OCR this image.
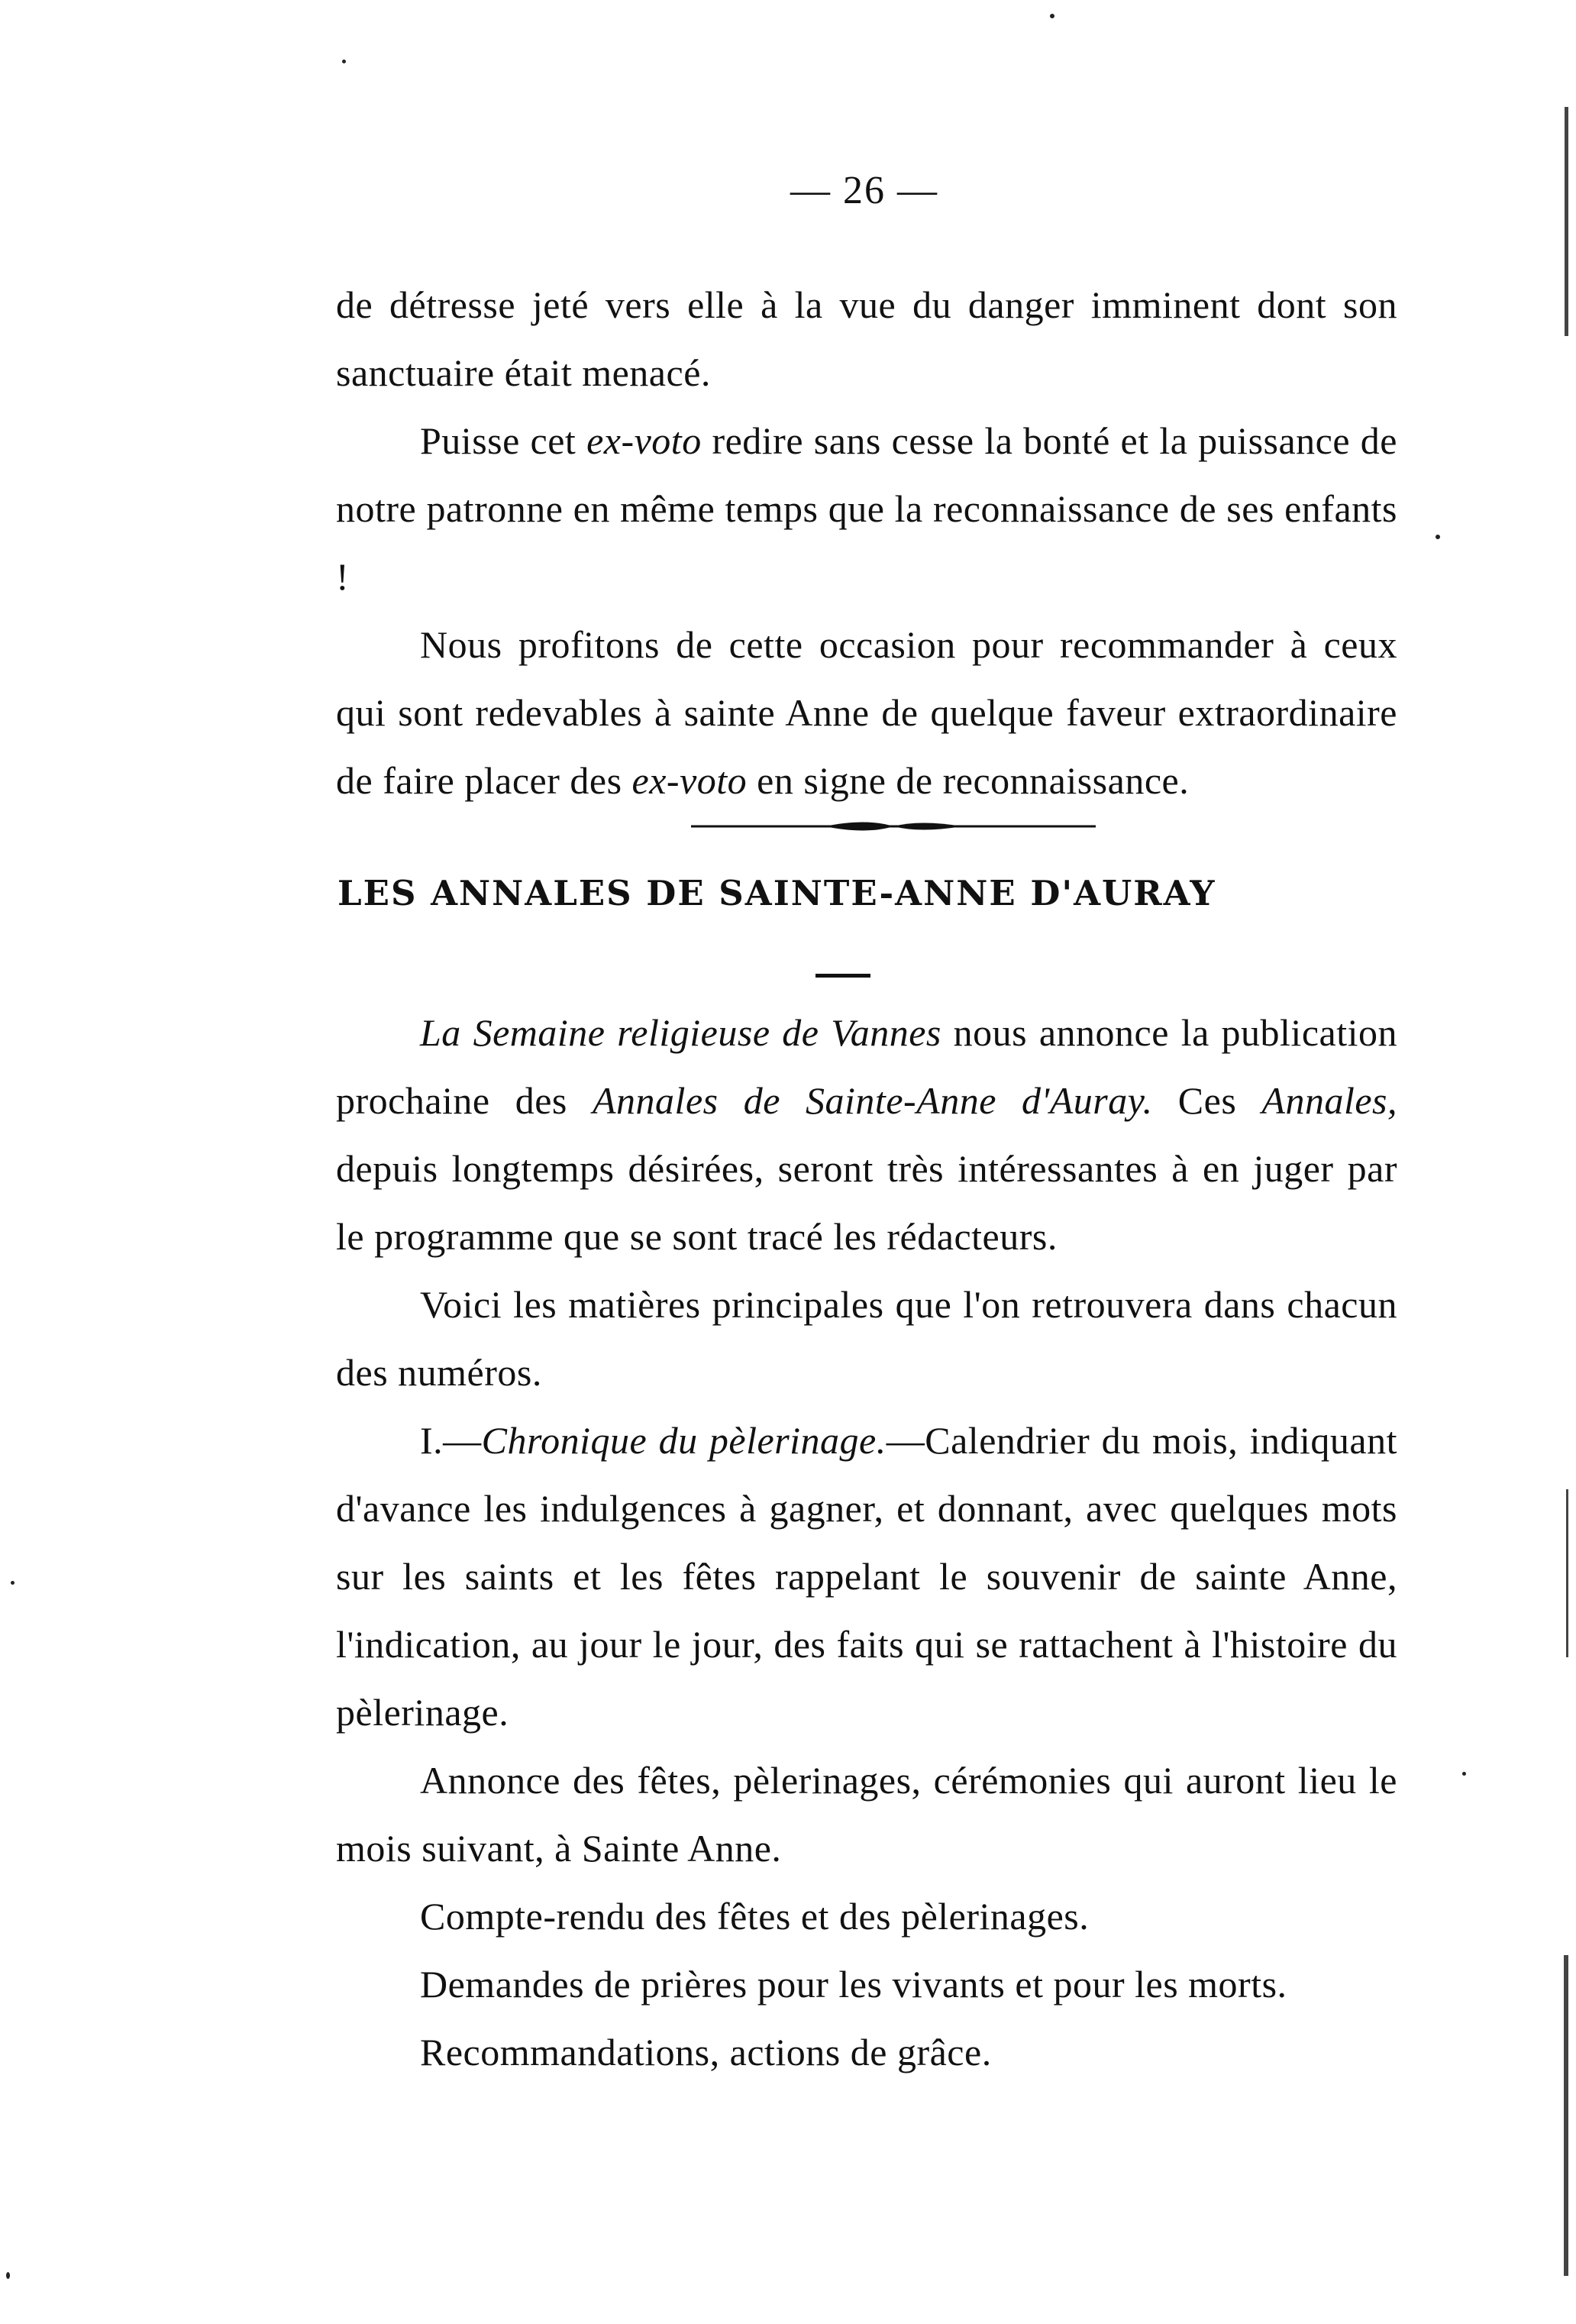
— 26 —

de détresse jeté vers elle à la vue du danger imminent dont son sanctuaire était menacé.

Puisse cet ex-voto redire sans cesse la bonté et la puissance de notre patronne en même temps que la reconnaissance de ses enfants !

Nous profitons de cette occasion pour recommander à ceux qui sont redevables à sainte Anne de quelque faveur extraordinaire de faire placer des ex-voto en signe de reconnaissance.

LES ANNALES DE SAINTE-ANNE D'AURAY

La Semaine religieuse de Vannes nous annonce la publication prochaine des Annales de Sainte-Anne d'Auray. Ces Annales, depuis longtemps désirées, seront très intéressantes à en juger par le programme que se sont tracé les rédacteurs.

Voici les matières principales que l'on retrouvera dans chacun des numéros.

I.—Chronique du pèlerinage.—Calendrier du mois, indiquant d'avance les indulgences à gagner, et donnant, avec quelques mots sur les saints et les fêtes rappelant le souvenir de sainte Anne, l'indication, au jour le jour, des faits qui se rattachent à l'histoire du pèlerinage.

Annonce des fêtes, pèlerinages, cérémonies qui auront lieu le mois suivant, à Sainte Anne.

Compte-rendu des fêtes et des pèlerinages.

Demandes de prières pour les vivants et pour les morts.

Recommandations, actions de grâce.
